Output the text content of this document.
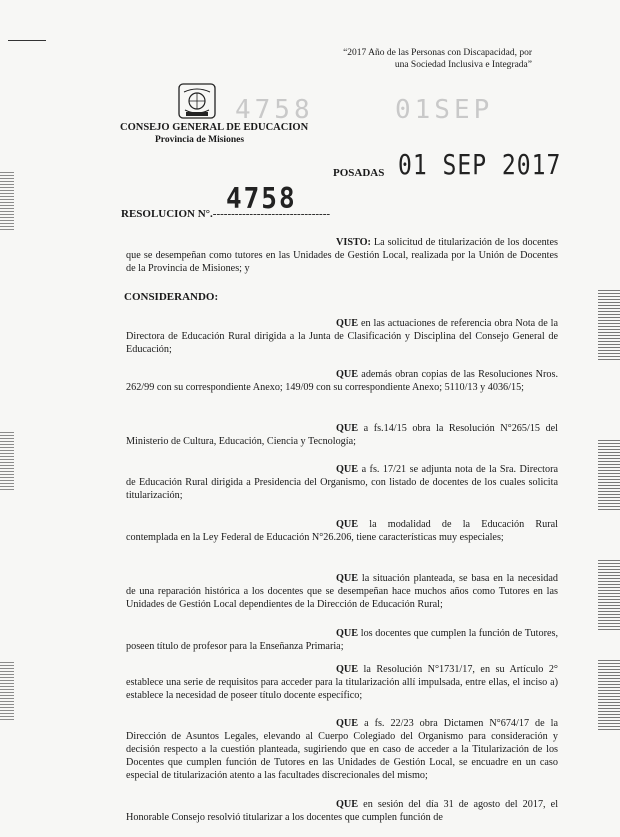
“2017 Año de las Personas con Discapacidad, por
una Sociedad Inclusiva e Integrada”
CONSEJO GENERAL DE EDUCACION
Provincia de Misiones
4758	01SEP
POSADAS 01 SEP 2017
RESOLUCION N°.--------------------------------
4758
VISTO: La solicitud de titularización de los docentes que se desempeñan como tutores en las Unidades de Gestión Local, realizada por la Unión de Docentes de la Provincia de Misiones; y
CONSIDERANDO:
QUE en las actuaciones de referencia obra Nota de la Directora de Educación Rural dirigida a la Junta de Clasificación y Disciplina del Consejo General de Educación;
QUE además obran copias de las Resoluciones Nros. 262/99 con su correspondiente Anexo; 149/09 con su correspondiente Anexo; 5110/13 y 4036/15;
QUE a fs.14/15 obra la Resolución N°265/15 del Ministerio de Cultura, Educación, Ciencia y Tecnología;
QUE a fs. 17/21 se adjunta nota de la Sra. Directora de Educación Rural dirigida a Presidencia del Organismo, con listado de docentes de los cuales solicita titularización;
QUE la modalidad de la Educación Rural contemplada en la Ley Federal de Educación N°26.206, tiene características muy especiales;
QUE la situación planteada, se basa en la necesidad de una reparación histórica a los docentes que se desempeñan hace muchos años como Tutores en las Unidades de Gestión Local dependientes de la Dirección de Educación Rural;
QUE los docentes que cumplen la función de Tutores, poseen título de profesor para la Enseñanza Primaria;
QUE la Resolución N°1731/17, en su Artículo 2° establece una serie de requisitos para acceder para la titularización allí impulsada, entre ellas, el inciso a) establece la necesidad de poseer título docente específico;
QUE a fs. 22/23 obra Dictamen N°674/17 de la Dirección de Asuntos Legales, elevando al Cuerpo Colegiado del Organismo para consideración y decisión respecto a la cuestión planteada, sugiriendo que en caso de acceder a la Titularización de los Docentes que cumplen función de Tutores en las Unidades de Gestión Local, se encuadre en un caso especial de titularización atento a las facultades discrecionales del mismo;
QUE en sesión del día 31 de agosto del 2017, el Honorable Consejo resolvió titularizar a los docentes que cumplen función de
